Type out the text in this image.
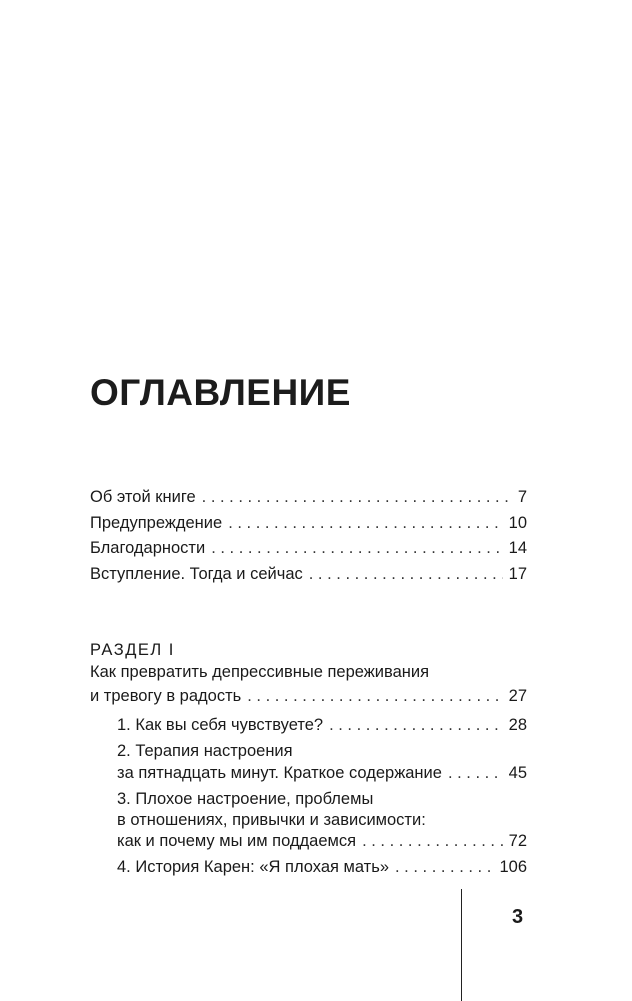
ОГЛАВЛЕНИЕ
Об этой книге . . .	7
Предупреждение . . .	10
Благодарности . . .	14
Вступление. Тогда и сейчас . . .	17
РАЗДЕЛ I
Как превратить депрессивные переживания
и тревогу в радость . . .	27
1. Как вы себя чувствуете? . . .	28
2. Терапия настроения
за пятнадцать минут. Краткое содержание . . .	45
3. Плохое настроение, проблемы
в отношениях, привычки и зависимости:
как и почему мы им поддаемся . . .	72
4. История Карен: «Я плохая мать» . . .	106
3
